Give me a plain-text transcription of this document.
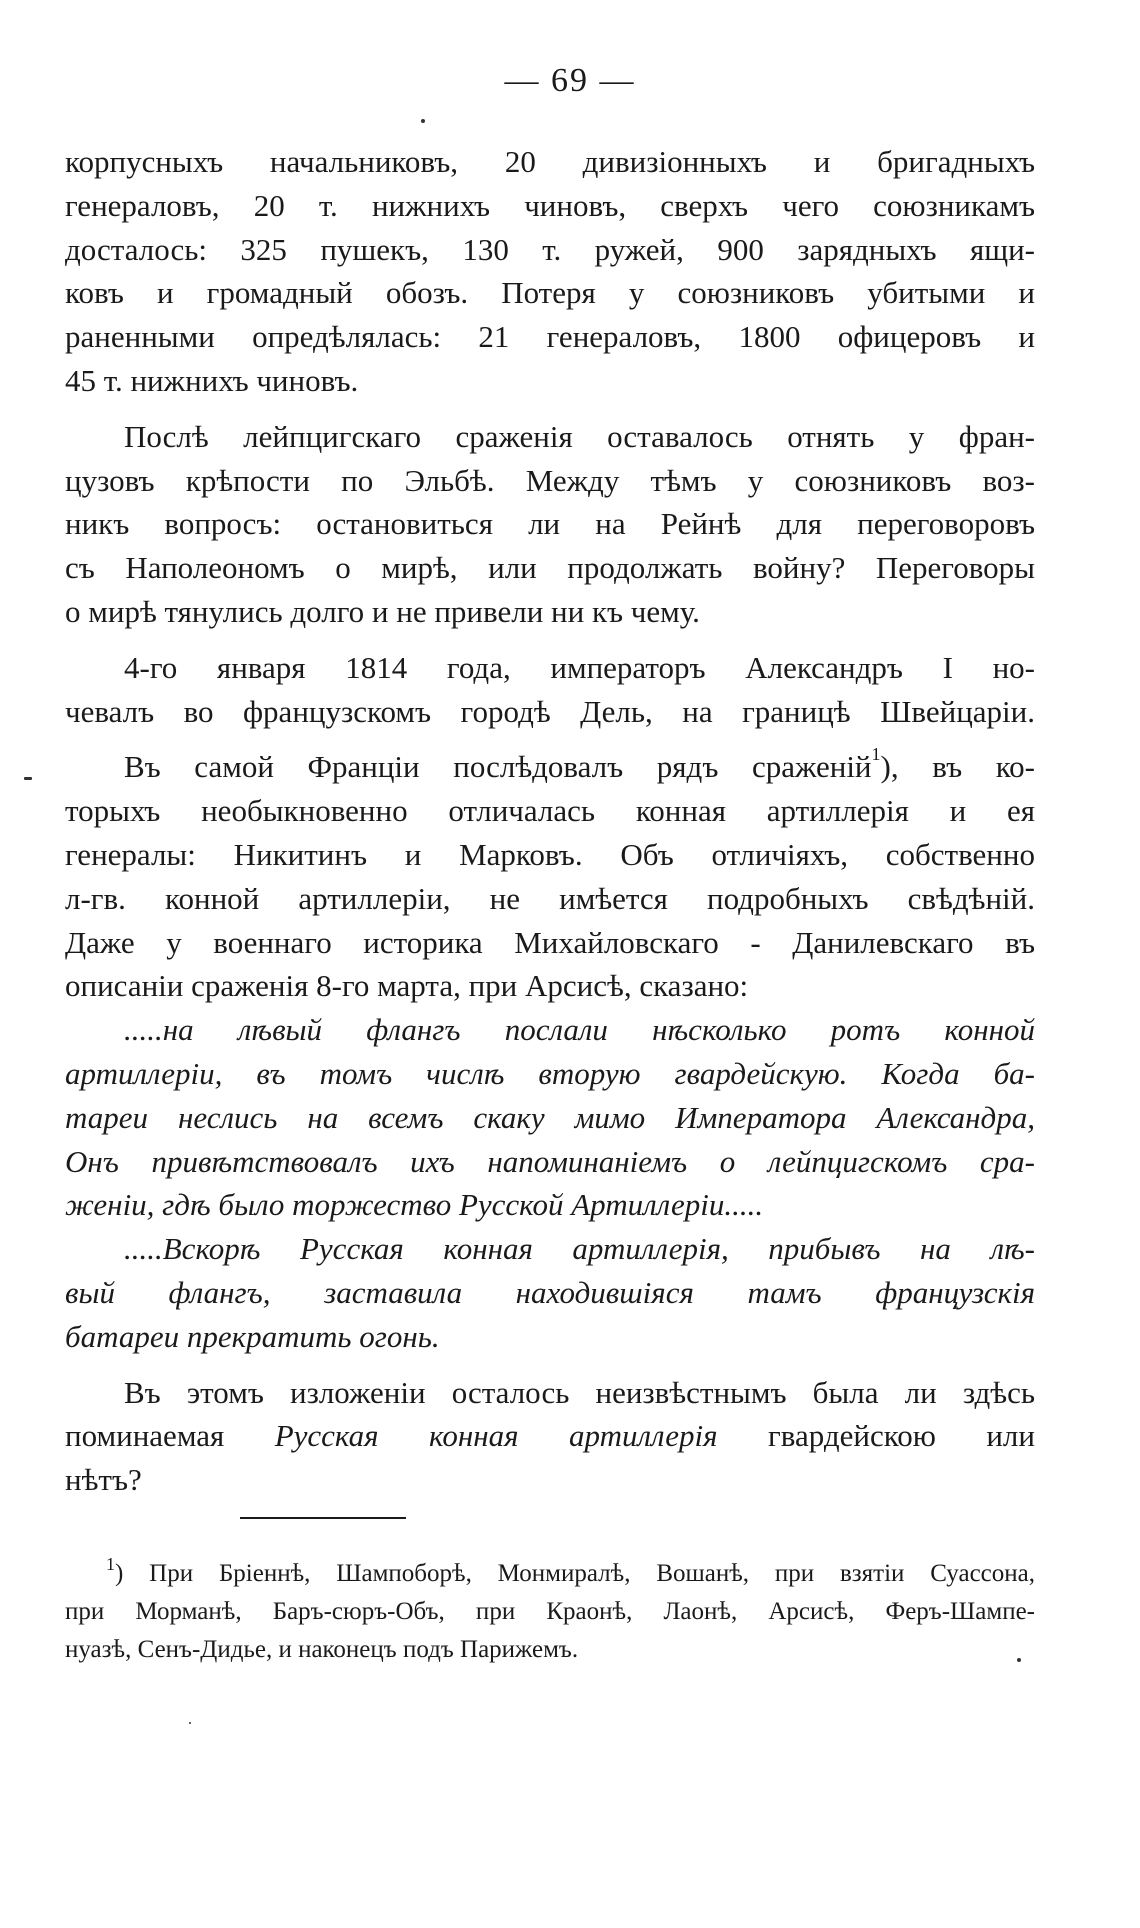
— 69 —
корпусныхъ начальниковъ, 20 дивизіонныхъ и бригадныхъ
генераловъ, 20 т. нижнихъ чиновъ, сверхъ чего союзникамъ
досталось: 325 пушекъ, 130 т. ружей, 900 зарядныхъ ящи-
ковъ и громадный обозъ. Потеря у союзниковъ убитыми и
раненными опредѣлялась: 21 генераловъ, 1800 офицеровъ и
45 т. нижнихъ чиновъ.
Послѣ лейпцигскаго сраженія оставалось отнять у фран-
цузовъ крѣпости по Эльбѣ. Между тѣмъ у союзниковъ воз-
никъ вопросъ: остановиться ли на Рейнѣ для переговоровъ
съ Наполеономъ о мирѣ, или продолжать войну? Переговоры
о мирѣ тянулись долго и не привели ни къ чему.
4-го января 1814 года, императоръ Александръ I но-
чевалъ во французскомъ городѣ Дель, на границѣ Швейцаріи.
Въ самой Франціи послѣдовалъ рядъ сраженій$^1$), въ ко-
торыхъ необыкновенно отличалась конная артиллерія и ея
генералы: Никитинъ и Марковъ. Объ отличіяхъ, собственно
л-гв. конной артиллеріи, не имѣется подробныхъ свѣдѣній.
Даже у военнаго историка Михайловскаго - Данилевскаго въ
описаніи сраженія 8-го марта, при Арсисѣ, сказано:
.....на лѣвый флангъ послали нѣсколько ротъ конной
артиллеріи, въ томъ числѣ вторую гвардейскую. Когда ба-
тареи неслись на всемъ скаку мимо Императора Александра,
Онъ привѣтствовалъ ихъ напоминаніемъ о лейпцигскомъ сра-
женіи, гдѣ было торжество Русской Артиллеріи.....
.....Вскорѣ Русская конная артиллерія, прибывъ на лѣ-
вый флангъ, заставила находившіяся тамъ французскія
батареи прекратить огонь.
Въ этомъ изложеніи осталось неизвѣстнымъ была ли здѣсь
поминаемая Русская конная артиллерія гвардейскою или
нѣтъ?
$^1$) При Бріеннѣ, Шампоборѣ, Монмиралѣ, Вошанѣ, при взятіи Суассона,
при Морманѣ, Баръ-сюръ-Объ, при Краонѣ, Лаонѣ, Арсисѣ, Феръ-Шампе-
нуазѣ, Сенъ-Дидье, и наконецъ подъ Парижемъ.
